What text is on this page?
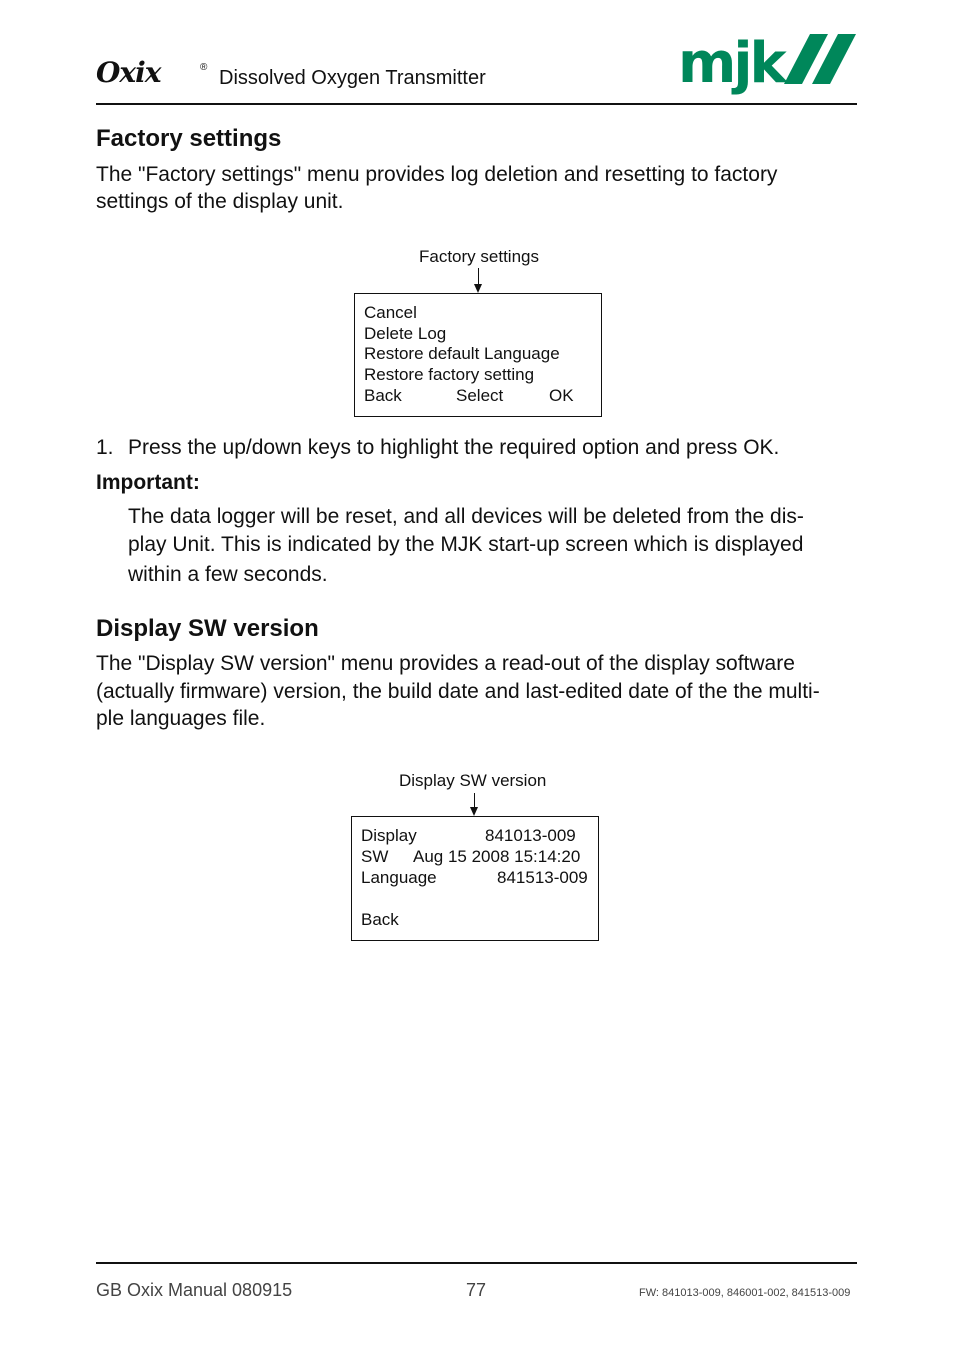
Oxix	® Dissolved Oxygen Transmitter	mjk
Factory settings

The "Factory settings" menu provides log deletion and resetting to factory

settings of the display unit.

Factory settings
Cancel
Delete Log
Restore default Language
Restore factory setting
Back	Select	OK
1. Press the up/down keys to highlight the required option and press OK.
Important:

The data logger will be reset, and all devices will be deleted from the dis-

play Unit. This is indicated by the MJK start-up screen which is displayed

within a few seconds.

Display SW version

The "Display SW version" menu provides a read-out of the display software

(actually firmware) version, the build date and last-edited date of the the multi-

ple languages file.

Display SW version
Display	841013-009
SW Aug 15 2008 15:14:20
Language	841513-009
Back
GB Oxix Manual 080915	77	FW: 841013-009, 846001-002, 841513-009
